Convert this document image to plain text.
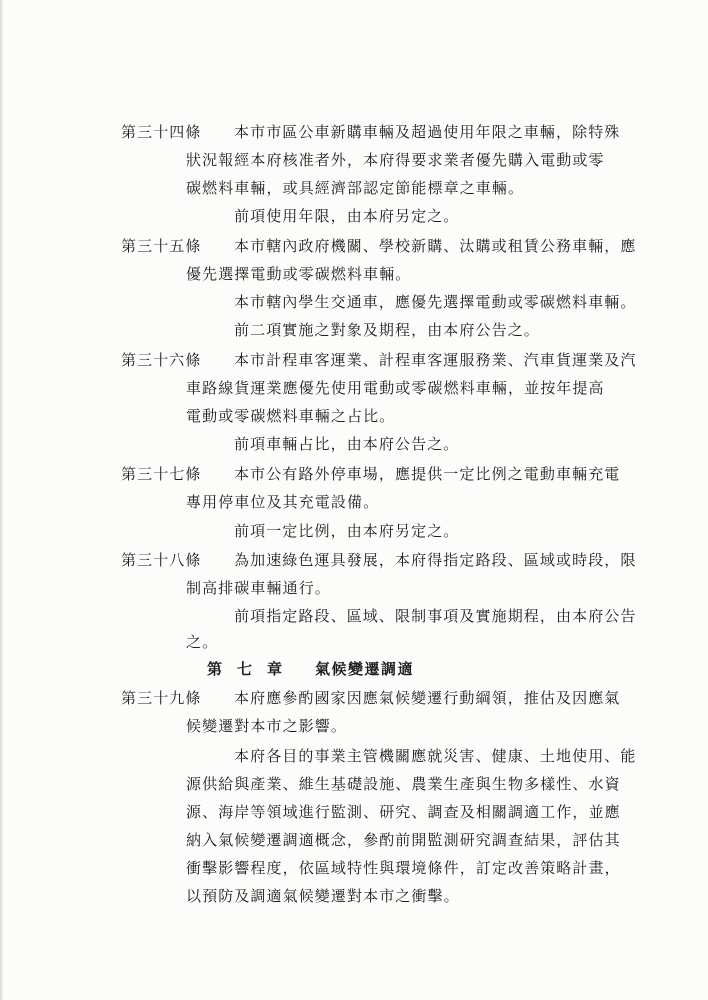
第三十四條 本市市區公車新購車輛及超過使用年限之車輛，除特殊
狀況報經本府核准者外，本府得要求業者優先購入電動或零
碳燃料車輛，或具經濟部認定節能標章之車輛。
前項使用年限，由本府另定之。
第三十五條 本市轄內政府機關、學校新購、汰購或租賃公務車輛，應
優先選擇電動或零碳燃料車輛。
本市轄內學生交通車，應優先選擇電動或零碳燃料車輛。
前二項實施之對象及期程，由本府公告之。
第三十六條 本市計程車客運業、計程車客運服務業、汽車貨運業及汽
車路線貨運業應優先使用電動或零碳燃料車輛，並按年提高
電動或零碳燃料車輛之占比。
前項車輛占比，由本府公告之。
第三十七條 本市公有路外停車場，應提供一定比例之電動車輛充電
專用停車位及其充電設備。
前項一定比例，由本府另定之。
第三十八條 為加速綠色運具發展，本府得指定路段、區域或時段，限
制高排碳車輛通行。
前項指定路段、區域、限制事項及實施期程，由本府公告
之。
第七章 氣候變遷調適
第三十九條 本府應參酌國家因應氣候變遷行動綱領，推估及因應氣
候變遷對本市之影響。
本府各目的事業主管機關應就災害、健康、土地使用、能
源供給與產業、維生基礎設施、農業生產與生物多樣性、水資
源、海岸等領域進行監測、研究、調查及相關調適工作，並應
納入氣候變遷調適概念，參酌前開監測研究調查結果，評估其
衝擊影響程度，依區域特性與環境條件，訂定改善策略計畫，
以預防及調適氣候變遷對本市之衝擊。
